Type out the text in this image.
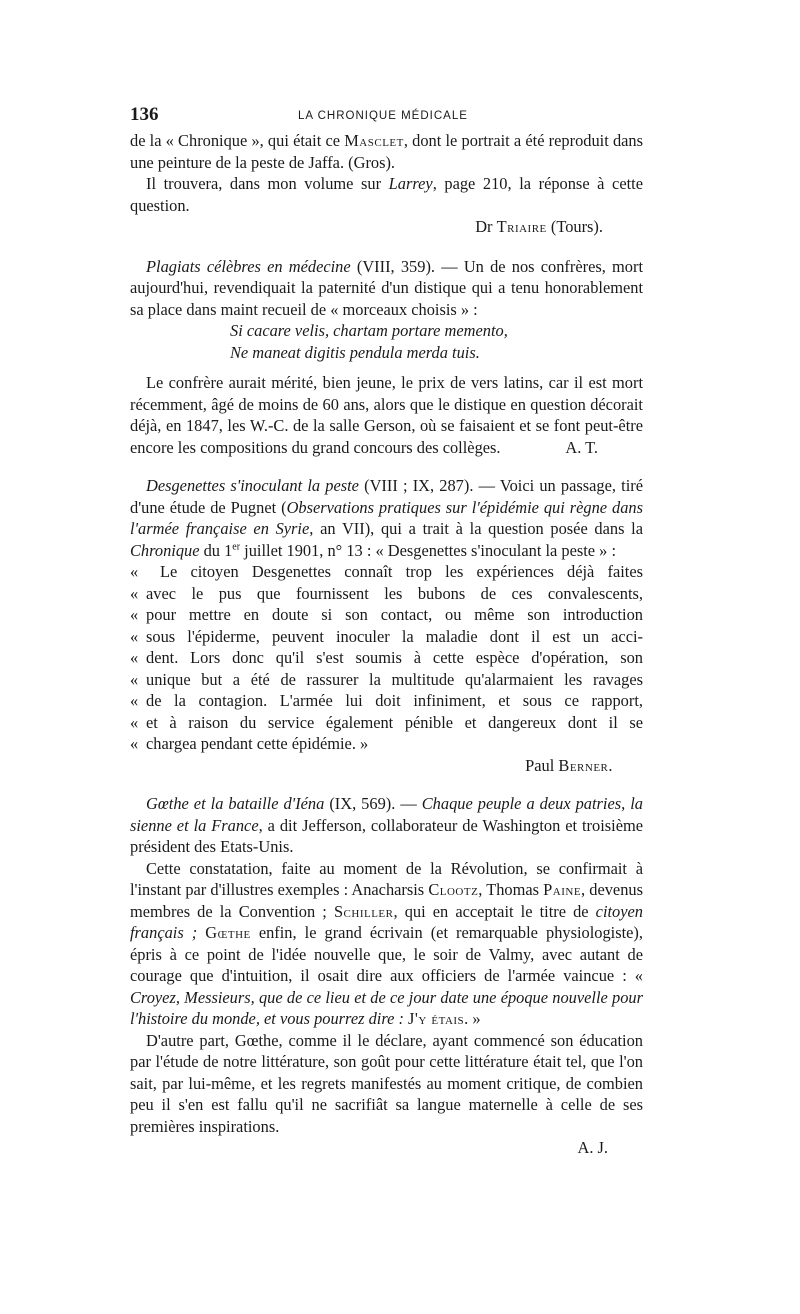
136	LA CHRONIQUE MÉDICALE

de la « Chronique », qui était ce Masclet, dont le portrait a été reproduit dans une peinture de la peste de Jaffa. (Gros).

Il trouvera, dans mon volume sur Larrey, page 210, la réponse à cette question.

Dr Triaire (Tours).

Plagiats célèbres en médecine (VIII, 359). — Un de nos confrères, mort aujourd'hui, revendiquait la paternité d'un distique qui a tenu honorablement sa place dans maint recueil de « morceaux choisis » :

Si cacare velis, chartam portare memento,

Ne maneat digitis pendula merda tuis.

Le confrère aurait mérité, bien jeune, le prix de vers latins, car il est mort récemment, âgé de moins de 60 ans, alors que le distique en question décorait déjà, en 1847, les W.-C. de la salle Gerson, où se faisaient et se font peut-être encore les compositions du grand concours des collèges.	A. T.

Desgenettes s'inoculant la peste (VIII ; IX, 287). — Voici un passage, tiré d'une étude de Pugnet (Observations pratiques sur l'épidémie qui règne dans l'armée française en Syrie, an VII), qui a trait à la question posée dans la Chronique du 1er juillet 1901, n° 13 : « Desgenettes s'inoculant la peste » :

«	Le citoyen Desgenettes connaît trop les expériences déjà faites
« avec le pus que fournissent les bubons de ces convalescents,
« pour mettre en doute si son contact, ou même son introduction
« sous l'épiderme, peuvent inoculer la maladie dont il est un acci-
« dent. Lors donc qu'il s'est soumis à cette espèce d'opération, son
« unique but a été de rassurer la multitude qu'alarmaient les ravages
« de la contagion. L'armée lui doit infiniment, et sous ce rapport,
« et à raison du service également pénible et dangereux dont il se
« chargea pendant cette épidémie. »

Paul Berner.

Gœthe et la bataille d'Iéna (IX, 569). — Chaque peuple a deux patries, la sienne et la France, a dit Jefferson, collaborateur de Washington et troisième président des Etats-Unis.

Cette constatation, faite au moment de la Révolution, se confirmait à l'instant par d'illustres exemples : Anacharsis Clootz, Thomas Paine, devenus membres de la Convention ; Schiller, qui en acceptait le titre de citoyen français ; Gœthe enfin, le grand écrivain (et remarquable physiologiste), épris à ce point de l'idée nouvelle que, le soir de Valmy, avec autant de courage que d'intuition, il osait dire aux officiers de l'armée vaincue : « Croyez, Messieurs, que de ce lieu et de ce jour date une époque nouvelle pour l'histoire du monde, et vous pourrez dire : J'y étais. »

D'autre part, Gœthe, comme il le déclare, ayant commencé son éducation par l'étude de notre littérature, son goût pour cette littérature était tel, que l'on sait, par lui-même, et les regrets manifestés au moment critique, de combien peu il s'en est fallu qu'il ne sacrifiât sa langue maternelle à celle de ses premières inspirations.

A. J.
